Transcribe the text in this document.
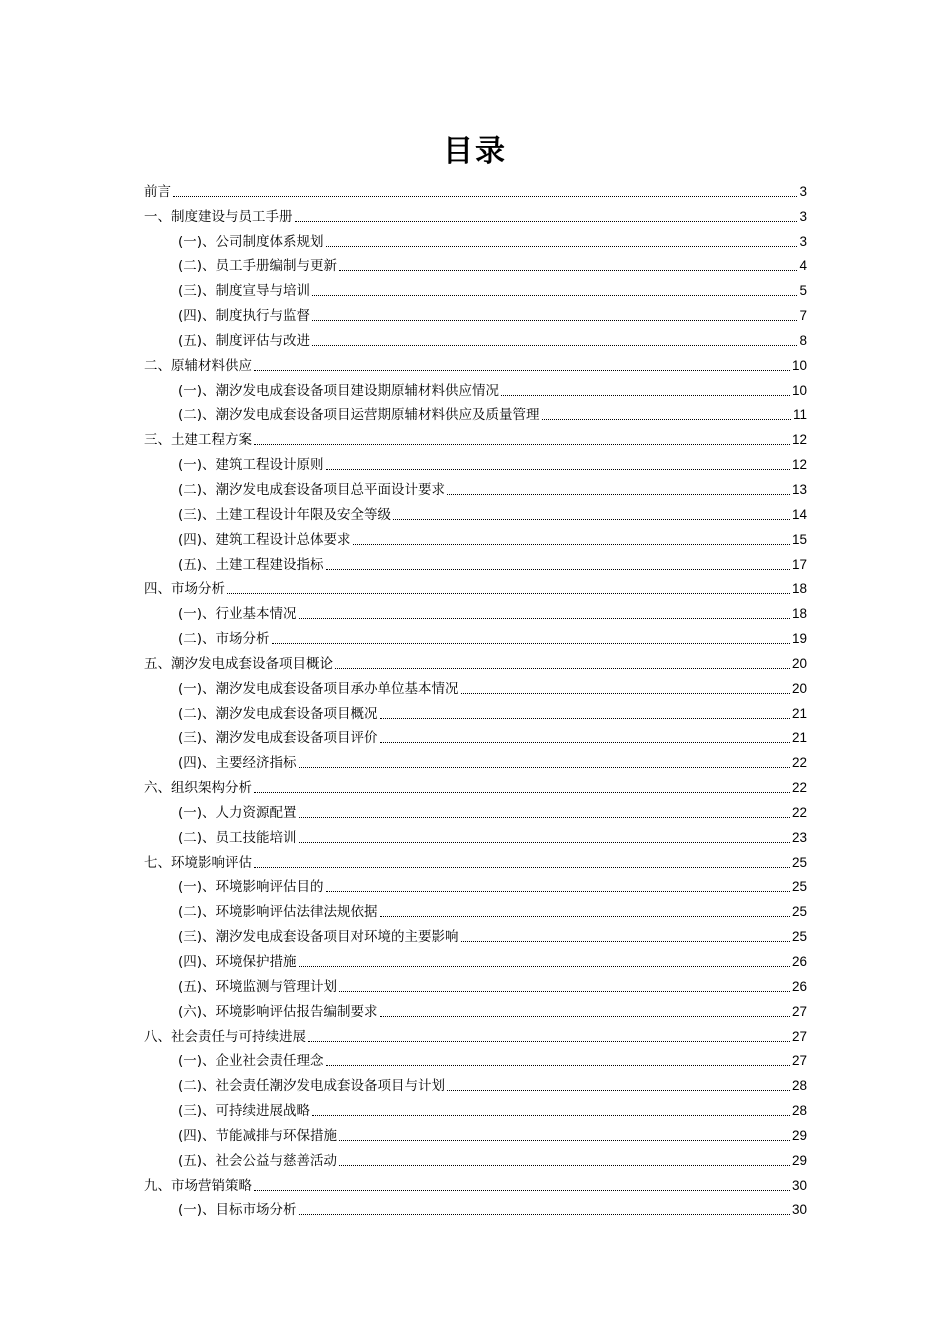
目录
前言	3
一、制度建设与员工手册	3
(一)、公司制度体系规划	3
(二)、员工手册编制与更新	4
(三)、制度宣导与培训	5
(四)、制度执行与监督	7
(五)、制度评估与改进	8
二、原辅材料供应	10
(一)、潮汐发电成套设备项目建设期原辅材料供应情况	10
(二)、潮汐发电成套设备项目运营期原辅材料供应及质量管理	11
三、土建工程方案	12
(一)、建筑工程设计原则	12
(二)、潮汐发电成套设备项目总平面设计要求	13
(三)、土建工程设计年限及安全等级	14
(四)、建筑工程设计总体要求	15
(五)、土建工程建设指标	17
四、市场分析	18
(一)、行业基本情况	18
(二)、市场分析	19
五、潮汐发电成套设备项目概论	20
(一)、潮汐发电成套设备项目承办单位基本情况	20
(二)、潮汐发电成套设备项目概况	21
(三)、潮汐发电成套设备项目评价	21
(四)、主要经济指标	22
六、组织架构分析	22
(一)、人力资源配置	22
(二)、员工技能培训	23
七、环境影响评估	25
(一)、环境影响评估目的	25
(二)、环境影响评估法律法规依据	25
(三)、潮汐发电成套设备项目对环境的主要影响	25
(四)、环境保护措施	26
(五)、环境监测与管理计划	26
(六)、环境影响评估报告编制要求	27
八、社会责任与可持续进展	27
(一)、企业社会责任理念	27
(二)、社会责任潮汐发电成套设备项目与计划	28
(三)、可持续进展战略	28
(四)、节能减排与环保措施	29
(五)、社会公益与慈善活动	29
九、市场营销策略	30
(一)、目标市场分析	30
